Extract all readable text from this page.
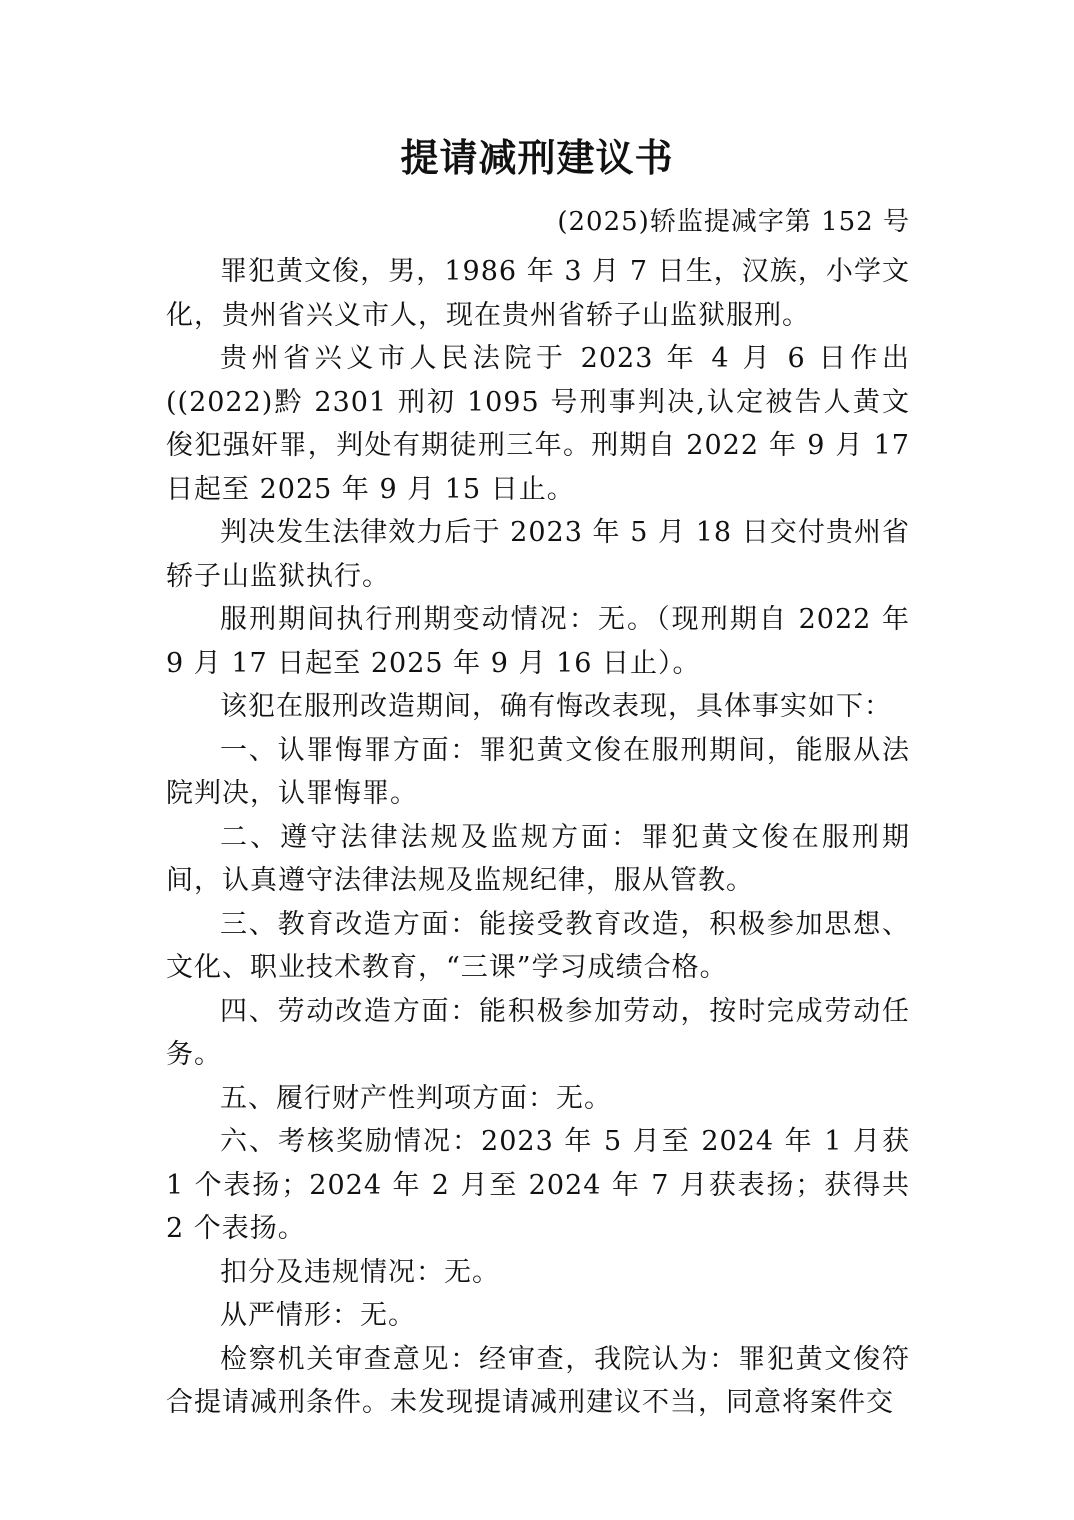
提请减刑建议书
(2025)轿监提减字第 152 号

罪犯黄文俊，男，1986 年 3 月 7 日生，汉族，小学文化，贵州省兴义市人，现在贵州省轿子山监狱服刑。

贵州省兴义市人民法院于 2023 年 4 月 6 日作出((2022)黔 2301 刑初 1095 号刑事判决,认定被告人黄文俊犯强奸罪，判处有期徒刑三年。刑期自 2022 年 9 月 17 日起至 2025 年 9 月 15 日止。

判决发生法律效力后于 2023 年 5 月 18 日交付贵州省轿子山监狱执行。

服刑期间执行刑期变动情况：无。（现刑期自 2022 年 9 月 17 日起至 2025 年 9 月 16 日止）。

该犯在服刑改造期间，确有悔改表现，具体事实如下：

一、认罪悔罪方面：罪犯黄文俊在服刑期间，能服从法院判决，认罪悔罪。

二、遵守法律法规及监规方面：罪犯黄文俊在服刑期间，认真遵守法律法规及监规纪律，服从管教。

三、教育改造方面：能接受教育改造，积极参加思想、文化、职业技术教育，“三课”学习成绩合格。

四、劳动改造方面：能积极参加劳动，按时完成劳动任务。

五、履行财产性判项方面：无。

六、考核奖励情况：2023 年 5 月至 2024 年 1 月获 1 个表扬；2024 年 2 月至 2024 年 7 月获表扬；获得共 2 个表扬。

扣分及违规情况：无。

从严情形：无。

检察机关审查意见：经审查，我院认为：罪犯黄文俊符合提请减刑条件。未发现提请减刑建议不当，同意将案件交
